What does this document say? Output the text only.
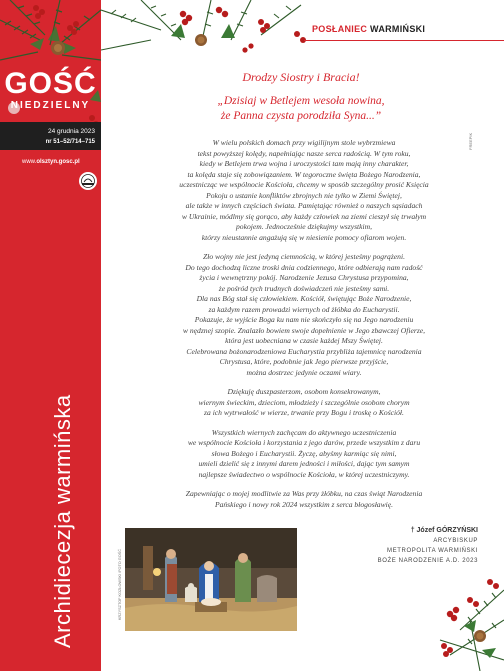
GOŚĆ
NIEDZIELNY
24 grudnia 2023
nr 51–52/714–715
www.olsztyn.gosc.pl
Archidiecezja warmińska
POSŁANIEC WARMIŃSKI
FREEPIK
Drodzy Siostry i Bracia!
„Dzisiaj w Betlejem wesoła nowina,
że Panna czysta porodziła Syna...”
W wielu polskich domach przy wigilijnym stole wybrzmiewa
tekst powyższej kolędy, napełniając nasze serca radością. W tym roku,
kiedy w Betlejem trwa wojna i uroczystości tam mają inny charakter,
ta kolęda staje się zobowiązaniem. W tegoroczne święta Bożego Narodzenia,
uczestnicząc we wspólnocie Kościoła, chcemy w sposób szczególny prosić Księcia
Pokoju o ustanie konfliktów zbrojnych nie tylko w Ziemi Świętej,
ale także w innych częściach świata. Pamiętając również o naszych sąsiadach
w Ukrainie, módlmy się gorąco, aby każdy człowiek na ziemi cieszył się trwałym
pokojem. Jednocześnie dziękujmy wszystkim,
którzy nieustannie angażują się w niesienie pomocy ofiarom wojen.
Zło wojny nie jest jedyną ciemnością, w której jesteśmy pogrążeni.
Do tego dochodzą liczne troski dnia codziennego, które odbierają nam radość
życia i wewnętrzny pokój. Narodzenie Jezusa Chrystusa przypomina,
że pośród tych trudnych doświadczeń nie jesteśmy sami.
Dla nas Bóg stał się człowiekiem. Kościół, świętując Boże Narodzenie,
za każdym razem prowadzi wiernych od żłóbka do Eucharystii.
Pokazuje, że wyjście Boga ku nam nie skończyło się na Jego narodzeniu
w nędznej szopie. Znalazło bowiem swoje dopełnienie w Jego zbawczej Ofierze,
która jest uobecniana w czasie każdej Mszy Świętej.
Celebrowana bożonarodzeniowa Eucharystia przybliża tajemnicę narodzenia
Chrystusa, które, podobnie jak Jego pierwsze przyjście,
można dostrzec jedynie oczami wiary.
Dziękuję duszpasterzom, osobom konsekrowanym,
wiernym świeckim, dzieciom, młodzieży i szczególnie osobom chorym
za ich wytrwałość w wierze, trwanie przy Bogu i troskę o Kościół.
Wszystkich wiernych zachęcam do aktywnego uczestniczenia
we wspólnocie Kościoła i korzystania z jego darów, przede wszystkim z daru
słowa Bożego i Eucharystii. Życzę, abyśmy karmiąc się nimi,
umieli dzielić się z innymi darem jedności i miłości, dając tym samym
najlepsze świadectwo o wspólnocie Kościoła, w której uczestniczymy.
Zapewniając o mojej modlitwie za Was przy żłóbku, na czas świąt Narodzenia
Pańskiego i nowy rok 2024 wszystkim z serca błogosławię.
KRZYSZTOF KOZŁOWSKI /FOTO GOŚĆ
† Józef GÓRZYŃSKI
ARCYBISKUP
METROPOLITA WARMIŃSKI
BOŻE NARODZENIE A.D. 2023
